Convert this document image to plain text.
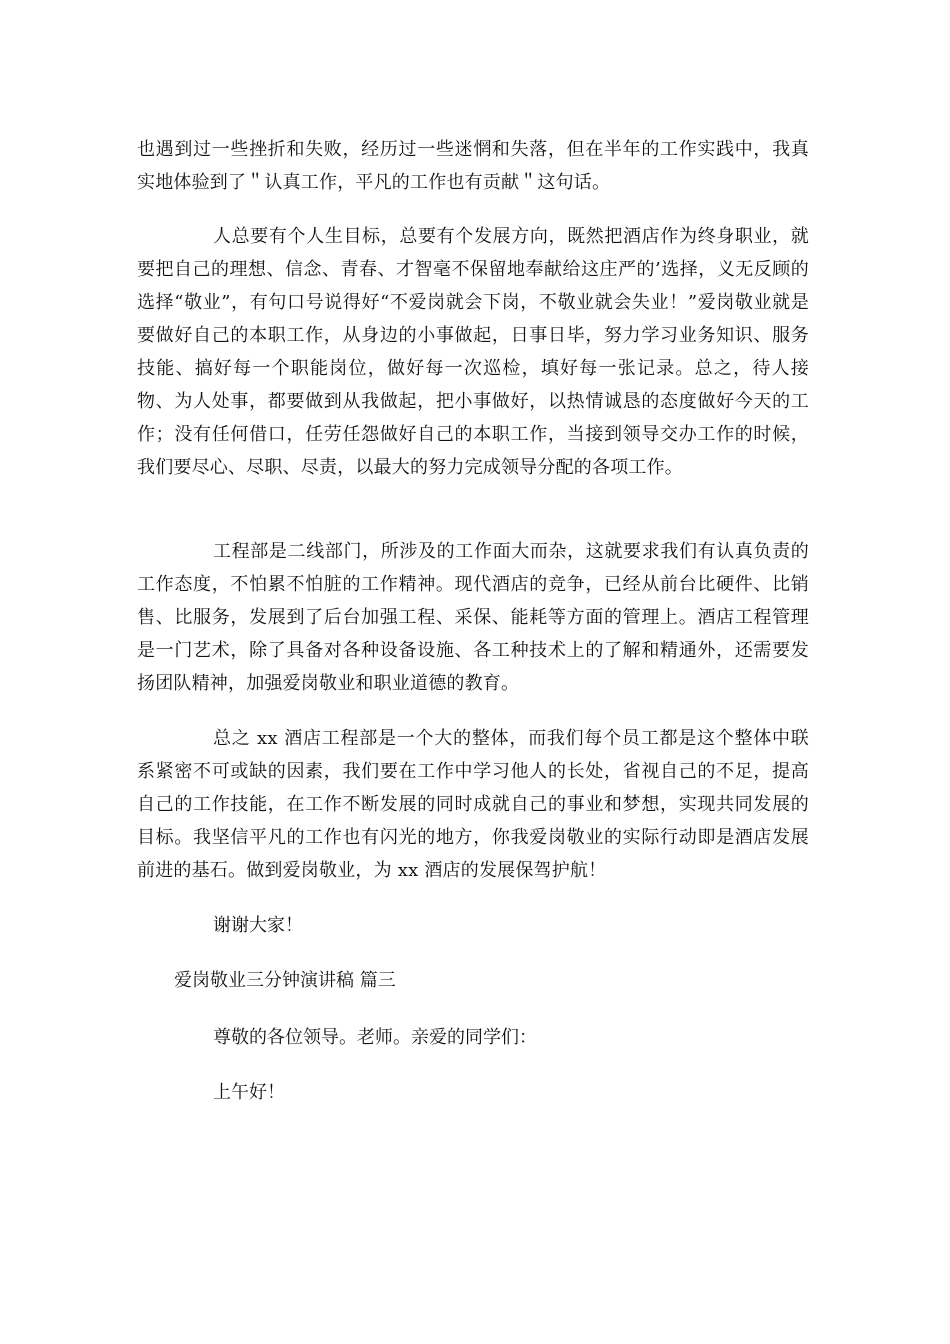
也遇到过一些挫折和失败，经历过一些迷惘和失落，但在半年的工作实践中，我真实地体验到了＂认真工作，平凡的工作也有贡献＂这句话。

人总要有个人生目标，总要有个发展方向，既然把酒店作为终身职业，就要把自己的理想、信念、青春、才智毫不保留地奉献给这庄严的’选择，义无反顾的选择“敬业”，有句口号说得好“不爱岗就会下岗，不敬业就会失业！”爱岗敬业就是要做好自己的本职工作，从身边的小事做起，日事日毕，努力学习业务知识、服务技能、搞好每一个职能岗位，做好每一次巡检，填好每一张记录。总之，待人接物、为人处事，都要做到从我做起，把小事做好，以热情诚恳的态度做好今天的工作；没有任何借口，任劳任怨做好自己的本职工作，当接到领导交办工作的时候，我们要尽心、尽职、尽责，以最大的努力完成领导分配的各项工作。

工程部是二线部门，所涉及的工作面大而杂，这就要求我们有认真负责的工作态度，不怕累不怕脏的工作精神。现代酒店的竞争，已经从前台比硬件、比销售、比服务，发展到了后台加强工程、采保、能耗等方面的管理上。酒店工程管理是一门艺术，除了具备对各种设备设施、各工种技术上的了解和精通外，还需要发扬团队精神，加强爱岗敬业和职业道德的教育。

总之 xx 酒店工程部是一个大的整体，而我们每个员工都是这个整体中联系紧密不可或缺的因素，我们要在工作中学习他人的长处，省视自己的不足，提高自己的工作技能，在工作不断发展的同时成就自己的事业和梦想，实现共同发展的目标。我坚信平凡的工作也有闪光的地方，你我爱岗敬业的实际行动即是酒店发展前进的基石。做到爱岗敬业，为 xx 酒店的发展保驾护航！

谢谢大家！

爱岗敬业三分钟演讲稿 篇三

尊敬的各位领导。老师。亲爱的同学们：

上午好！
